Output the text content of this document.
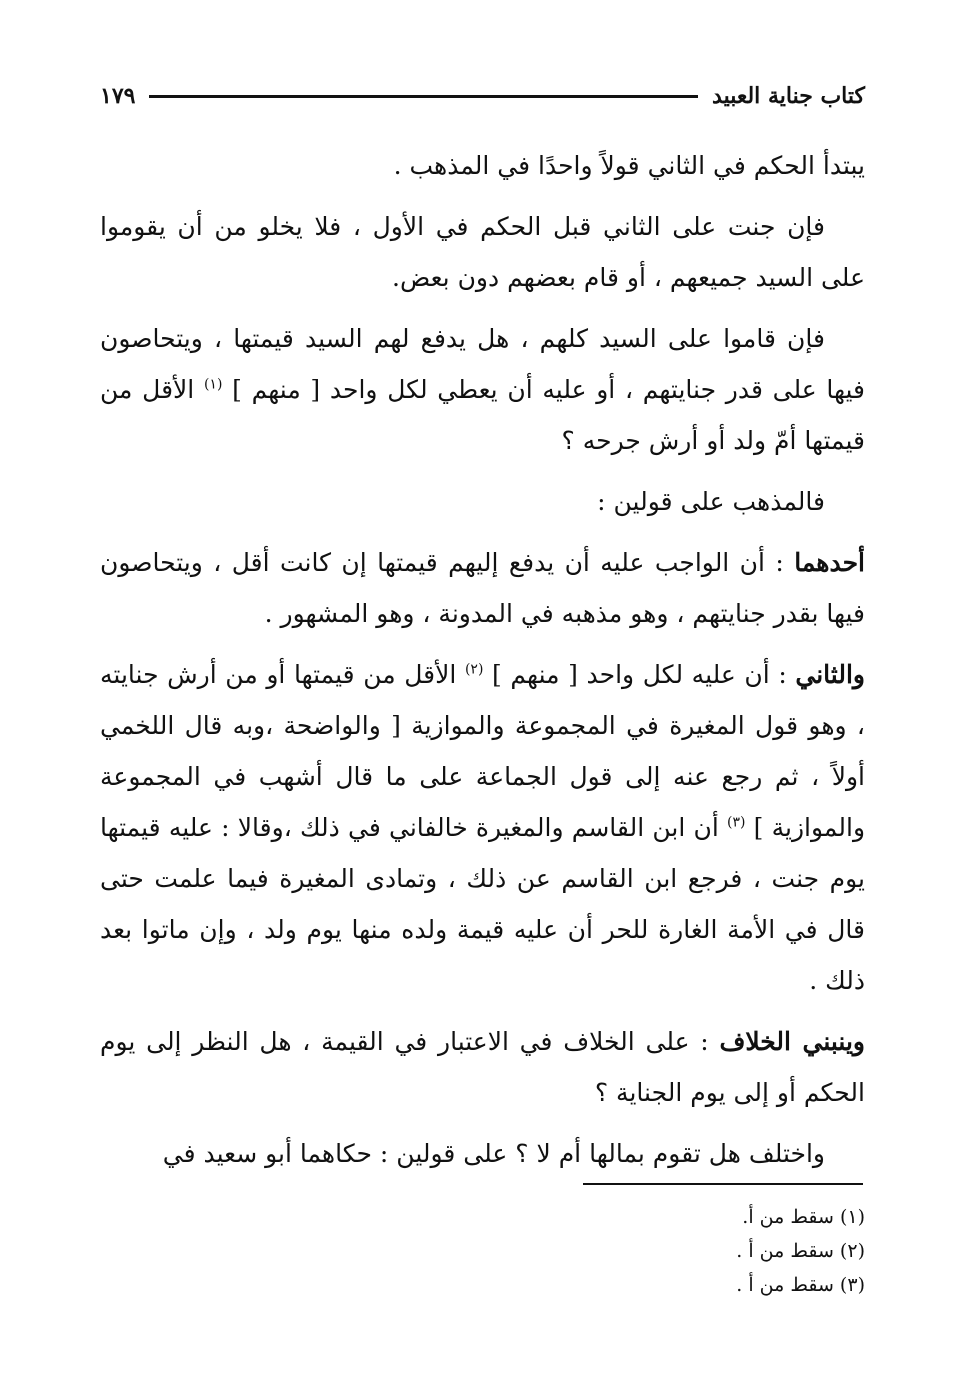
كتاب جناية العبيد
١٧٩

يبتدأ الحكم في الثاني قولاً واحدًا في المذهب .

فإن جنت على الثاني قبل الحكم في الأول ، فلا يخلو من أن يقوموا على السيد جميعهم ، أو قام بعضهم دون بعض.

فإن قاموا على السيد كلهم ، هل يدفع لهم السيد قيمتها ، ويتحاصون فيها على قدر جنايتهم ، أو عليه أن يعطي لكل واحد [ منهم ] $^{(١)}$ الأقل من قيمتها أمّ ولد أو أرش جرحه ؟

فالمذهب على قولين :

أحدهما : أن الواجب عليه أن يدفع إليهم قيمتها إن كانت أقل ، ويتحاصون فيها بقدر جنايتهم ، وهو مذهبه في المدونة ، وهو المشهور .

والثاني : أن عليه لكل واحد [ منهم ] $^{(٢)}$ الأقل من قيمتها أو من أرش جنايته ، وهو قول المغيرة في المجموعة والموازية [ والواضحة ،وبه قال اللخمي أولاً ، ثم رجع عنه إلى قول الجماعة على ما قال أشهب في المجموعة والموازية ] $^{(٣)}$ أن ابن القاسم والمغيرة خالفاني في ذلك ،وقالا : عليه قيمتها يوم جنت ، فرجع ابن القاسم عن ذلك ، وتمادى المغيرة فيما علمت حتى قال في الأمة الغارة للحر أن عليه قيمة ولده منها يوم ولد ، وإن ماتوا بعد ذلك .

وينبني الخلاف : على الخلاف في الاعتبار في القيمة ، هل النظر إلى يوم الحكم أو إلى يوم الجناية ؟

واختلف هل تقوم بمالها أم لا ؟ على قولين : حكاهما أبو سعيد في

(١) سقط من أ.

(٢) سقط من أ .

(٣) سقط من أ .
